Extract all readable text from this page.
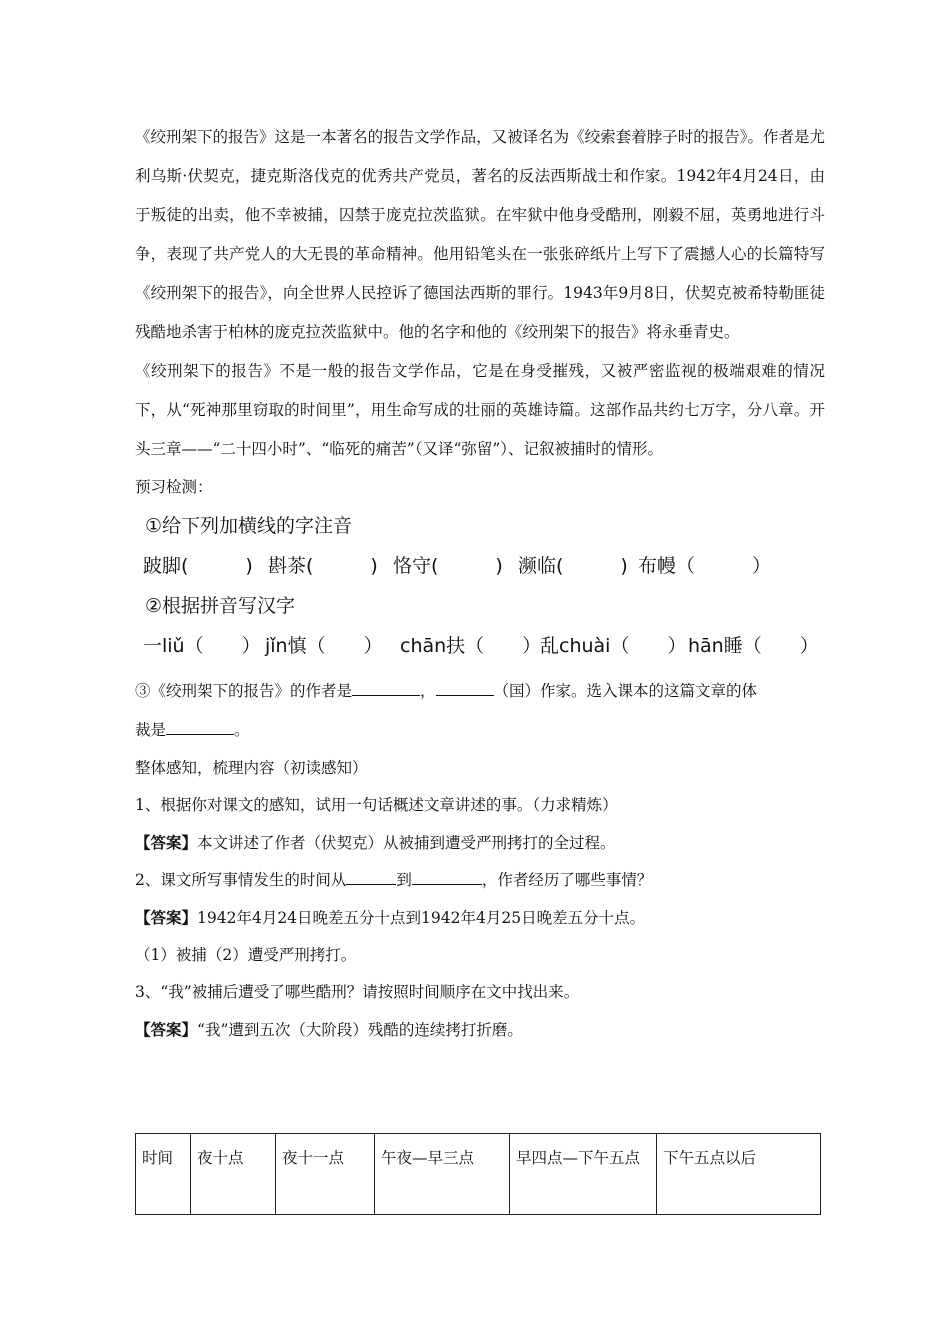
《绞刑架下的报告》这是一本著名的报告文学作品，又被译名为《绞索套着脖子时的报告》。作者是尤利乌斯·伏契克，捷克斯洛伐克的优秀共产党员，著名的反法西斯战士和作家。1942年4月24日，由于叛徒的出卖，他不幸被捕，囚禁于庞克拉茨监狱。在牢狱中他身受酷刑，刚毅不屈，英勇地进行斗争，表现了共产党人的大无畏的革命精神。他用铅笔头在一张张碎纸片上写下了震撼人心的长篇特写《绞刑架下的报告》，向全世界人民控诉了德国法西斯的罪行。1943年9月8日，伏契克被希特勒匪徒残酷地杀害于柏林的庞克拉茨监狱中。他的名字和他的《绞刑架下的报告》将永垂青史。

《绞刑架下的报告》不是一般的报告文学作品，它是在身受摧残，又被严密监视的极端艰难的情况下，从“死神那里窃取的时间里”，用生命写成的壮丽的英雄诗篇。这部作品共约七万字，分八章。开头三章——“二十四小时”、“临死的痛苦”（又译“弥留”）、记叙被捕时的情形。

预习检测：

①给下列加横线的字注音
跛脚(　　　) 斟茶(　　　) 恪守(　　　) 濒临(　　　) 布幔（　　　）
②根据拼音写汉字
一liǔ（　　） jǐn慎（　　） chān扶（　　）乱chuài（　　）hān睡（　　）

③《绞刑架下的报告》的作者是	，	（国）作家。选入课本的这篇文章的体
裁是	。

整体感知，梳理内容（初读感知）

1、根据你对课文的感知，试用一句话概述文章讲述的事。（力求精炼）

【答案】本文讲述了作者（伏契克）从被捕到遭受严刑拷打的全过程。

2、课文所写事情发生的时间从	到	，作者经历了哪些事情？

【答案】1942年4月24日晚差五分十点到1942年4月25日晚差五分十点。

（1）被捕（2）遭受严刑拷打。

3、“我”被捕后遭受了哪些酷刑？请按照时间顺序在文中找出来。

【答案】“我”遭到五次（大阶段）残酷的连续拷打折磨。

时间	夜十点	夜十一点	午夜—早三点	早四点—下午五点	下午五点以后
